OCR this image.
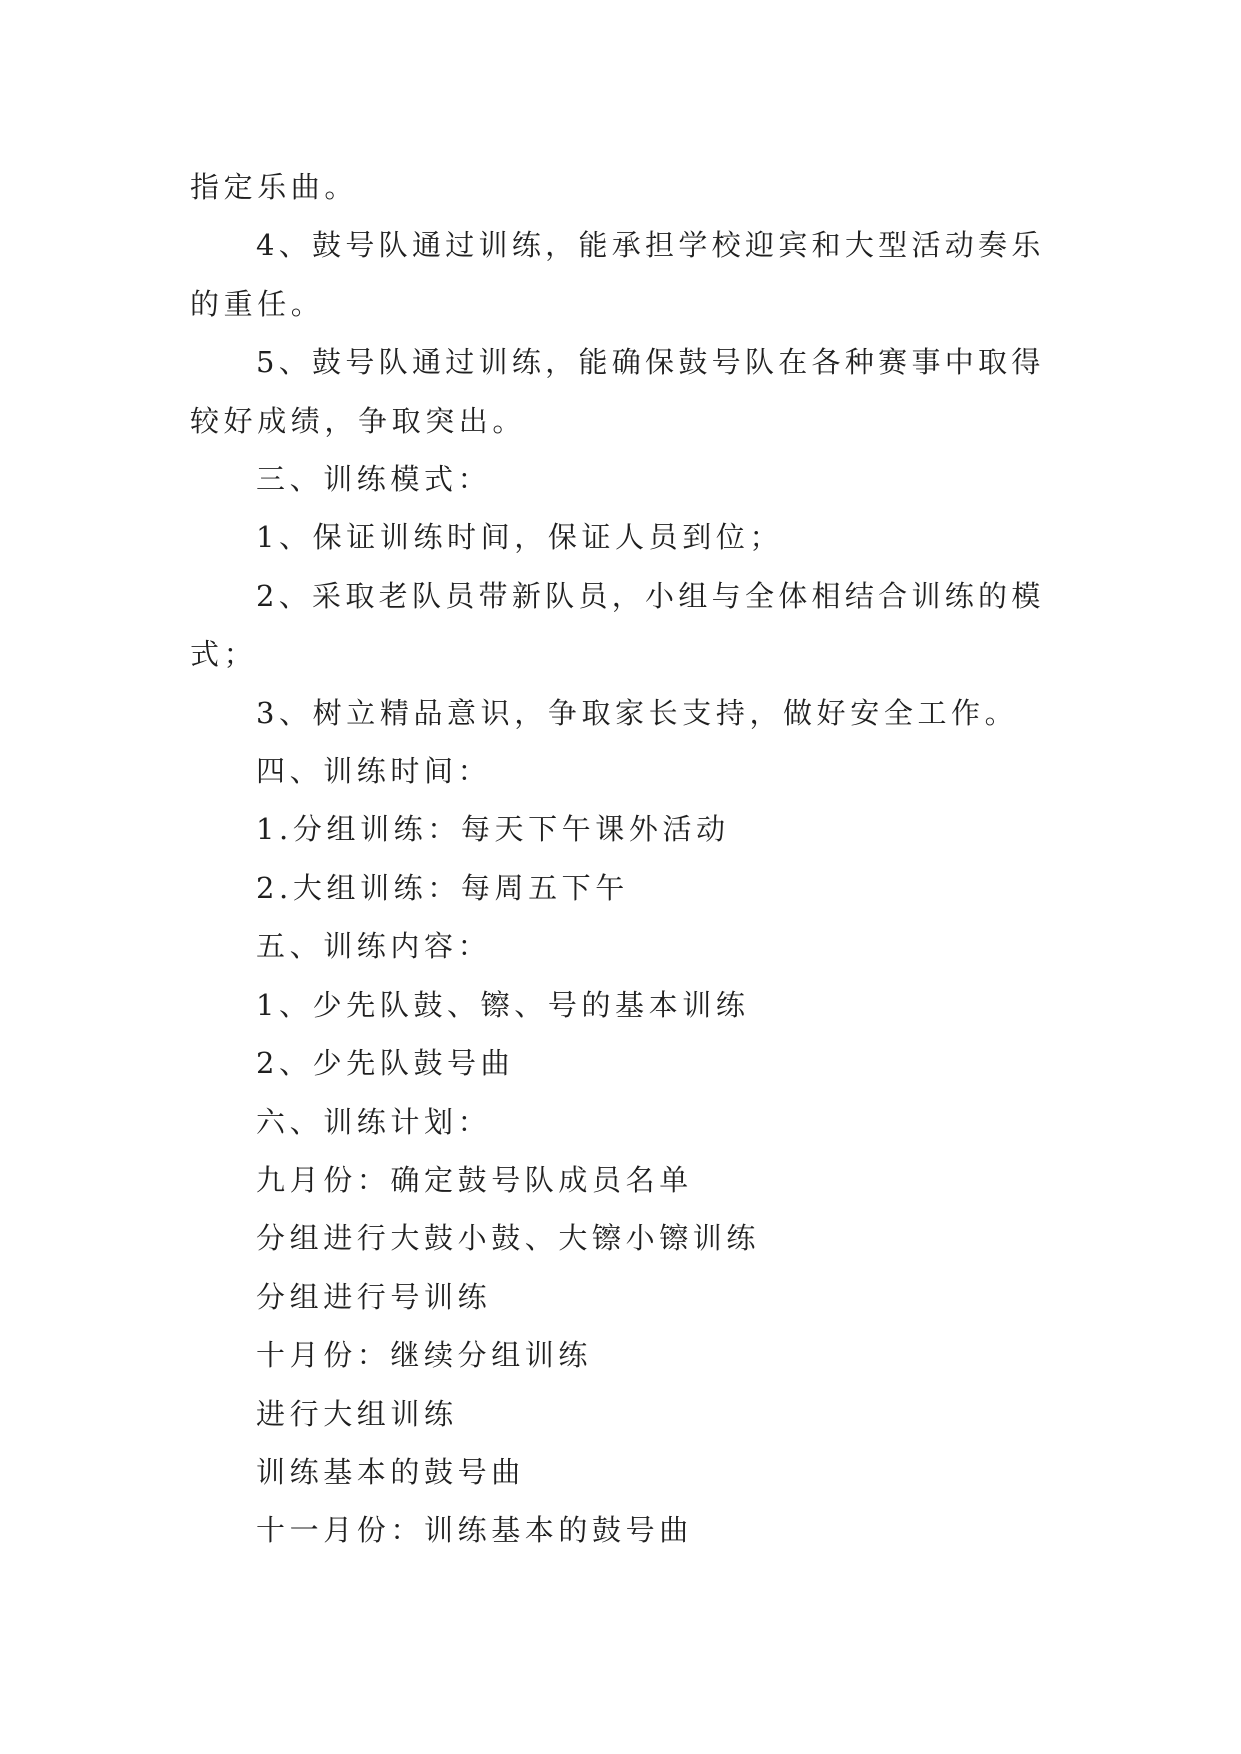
指定乐曲。

4、鼓号队通过训练，能承担学校迎宾和大型活动奏乐

的重任。

5、鼓号队通过训练，能确保鼓号队在各种赛事中取得

较好成绩，争取突出。

三、训练模式：

1、保证训练时间，保证人员到位；

2、采取老队员带新队员，小组与全体相结合训练的模

式；

3、树立精品意识，争取家长支持，做好安全工作。

四、训练时间：

1.分组训练：每天下午课外活动

2.大组训练：每周五下午

五、训练内容：

1、少先队鼓、镲、号的基本训练

2、少先队鼓号曲

六、训练计划：

九月份：确定鼓号队成员名单

分组进行大鼓小鼓、大镲小镲训练

分组进行号训练

十月份：继续分组训练

进行大组训练

训练基本的鼓号曲

十一月份：训练基本的鼓号曲
